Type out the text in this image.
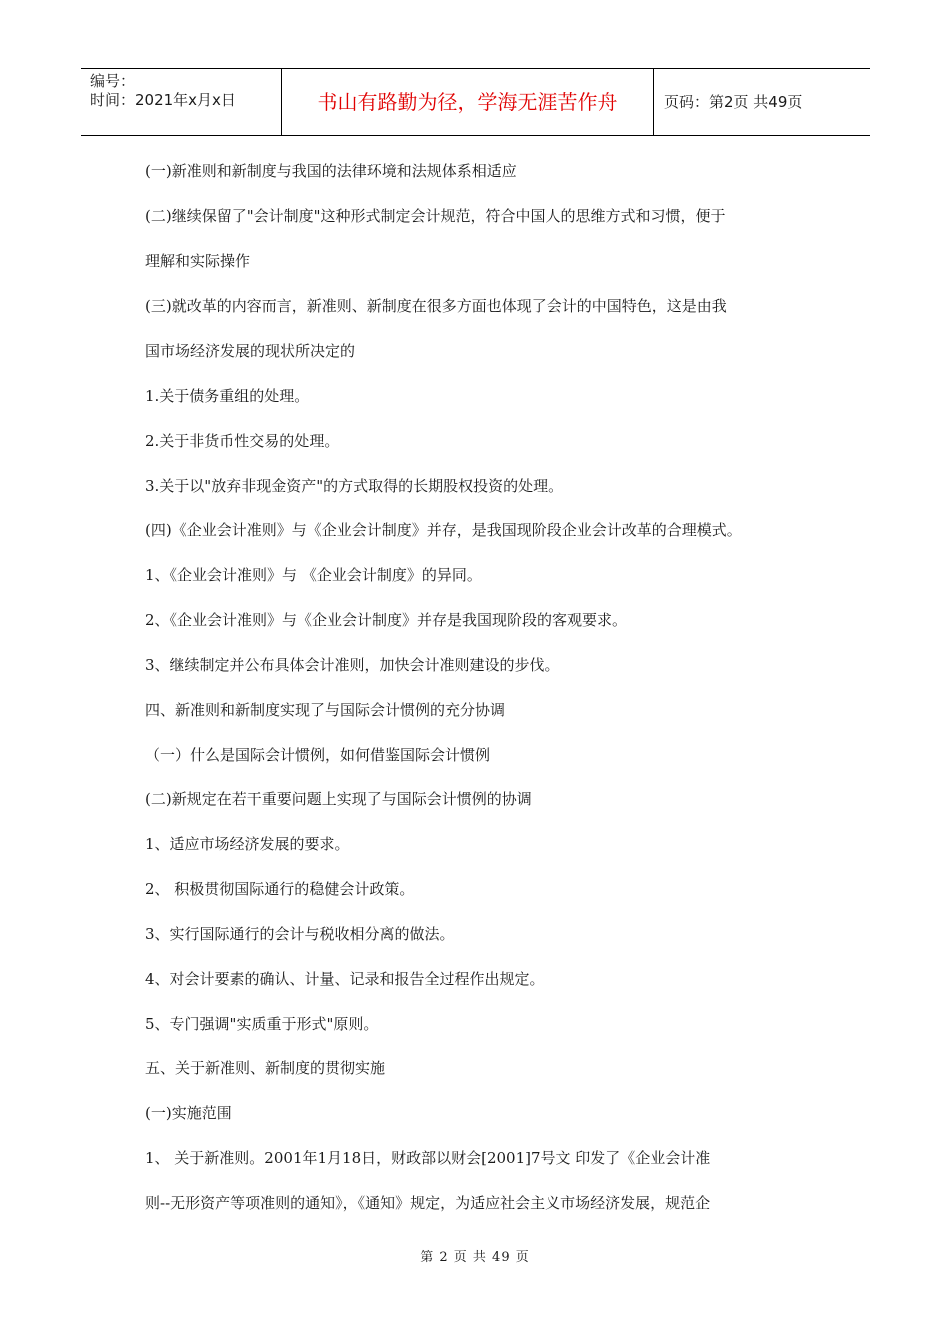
编号：
时间：2021年x月x日	书山有路勤为径，学海无涯苦作舟	页码：第2页 共49页
(一)新准则和新制度与我国的法律环境和法规体系相适应
(二)继续保留了"会计制度"这种形式制定会计规范，符合中国人的思维方式和习惯，便于
理解和实际操作
(三)就改革的内容而言，新准则、新制度在很多方面也体现了会计的中国特色，这是由我
国市场经济发展的现状所决定的
1.关于债务重组的处理。
2.关于非货币性交易的处理。
3.关于以"放弃非现金资产"的方式取得的长期股权投资的处理。
(四)《企业会计准则》与《企业会计制度》并存，是我国现阶段企业会计改革的合理模式。
1、《企业会计准则》与 《企业会计制度》的异同。
2、《企业会计准则》与《企业会计制度》并存是我国现阶段的客观要求。
3、继续制定并公布具体会计准则，加快会计准则建设的步伐。
四、新准则和新制度实现了与国际会计惯例的充分协调
（一）什么是国际会计惯例，如何借鉴国际会计惯例
(二)新规定在若干重要问题上实现了与国际会计惯例的协调
1、适应市场经济发展的要求。
2、 积极贯彻国际通行的稳健会计政策。
3、实行国际通行的会计与税收相分离的做法。
4、对会计要素的确认、计量、记录和报告全过程作出规定。
5、专门强调"实质重于形式"原则。
五、关于新准则、新制度的贯彻实施
(一)实施范围
1、 关于新准则。2001年1月18日，财政部以财会[2001]7号文 印发了《企业会计准
则--无形资产等项准则的通知》，《通知》规定，为适应社会主义市场经济发展，规范企
第 2 页 共 49 页
